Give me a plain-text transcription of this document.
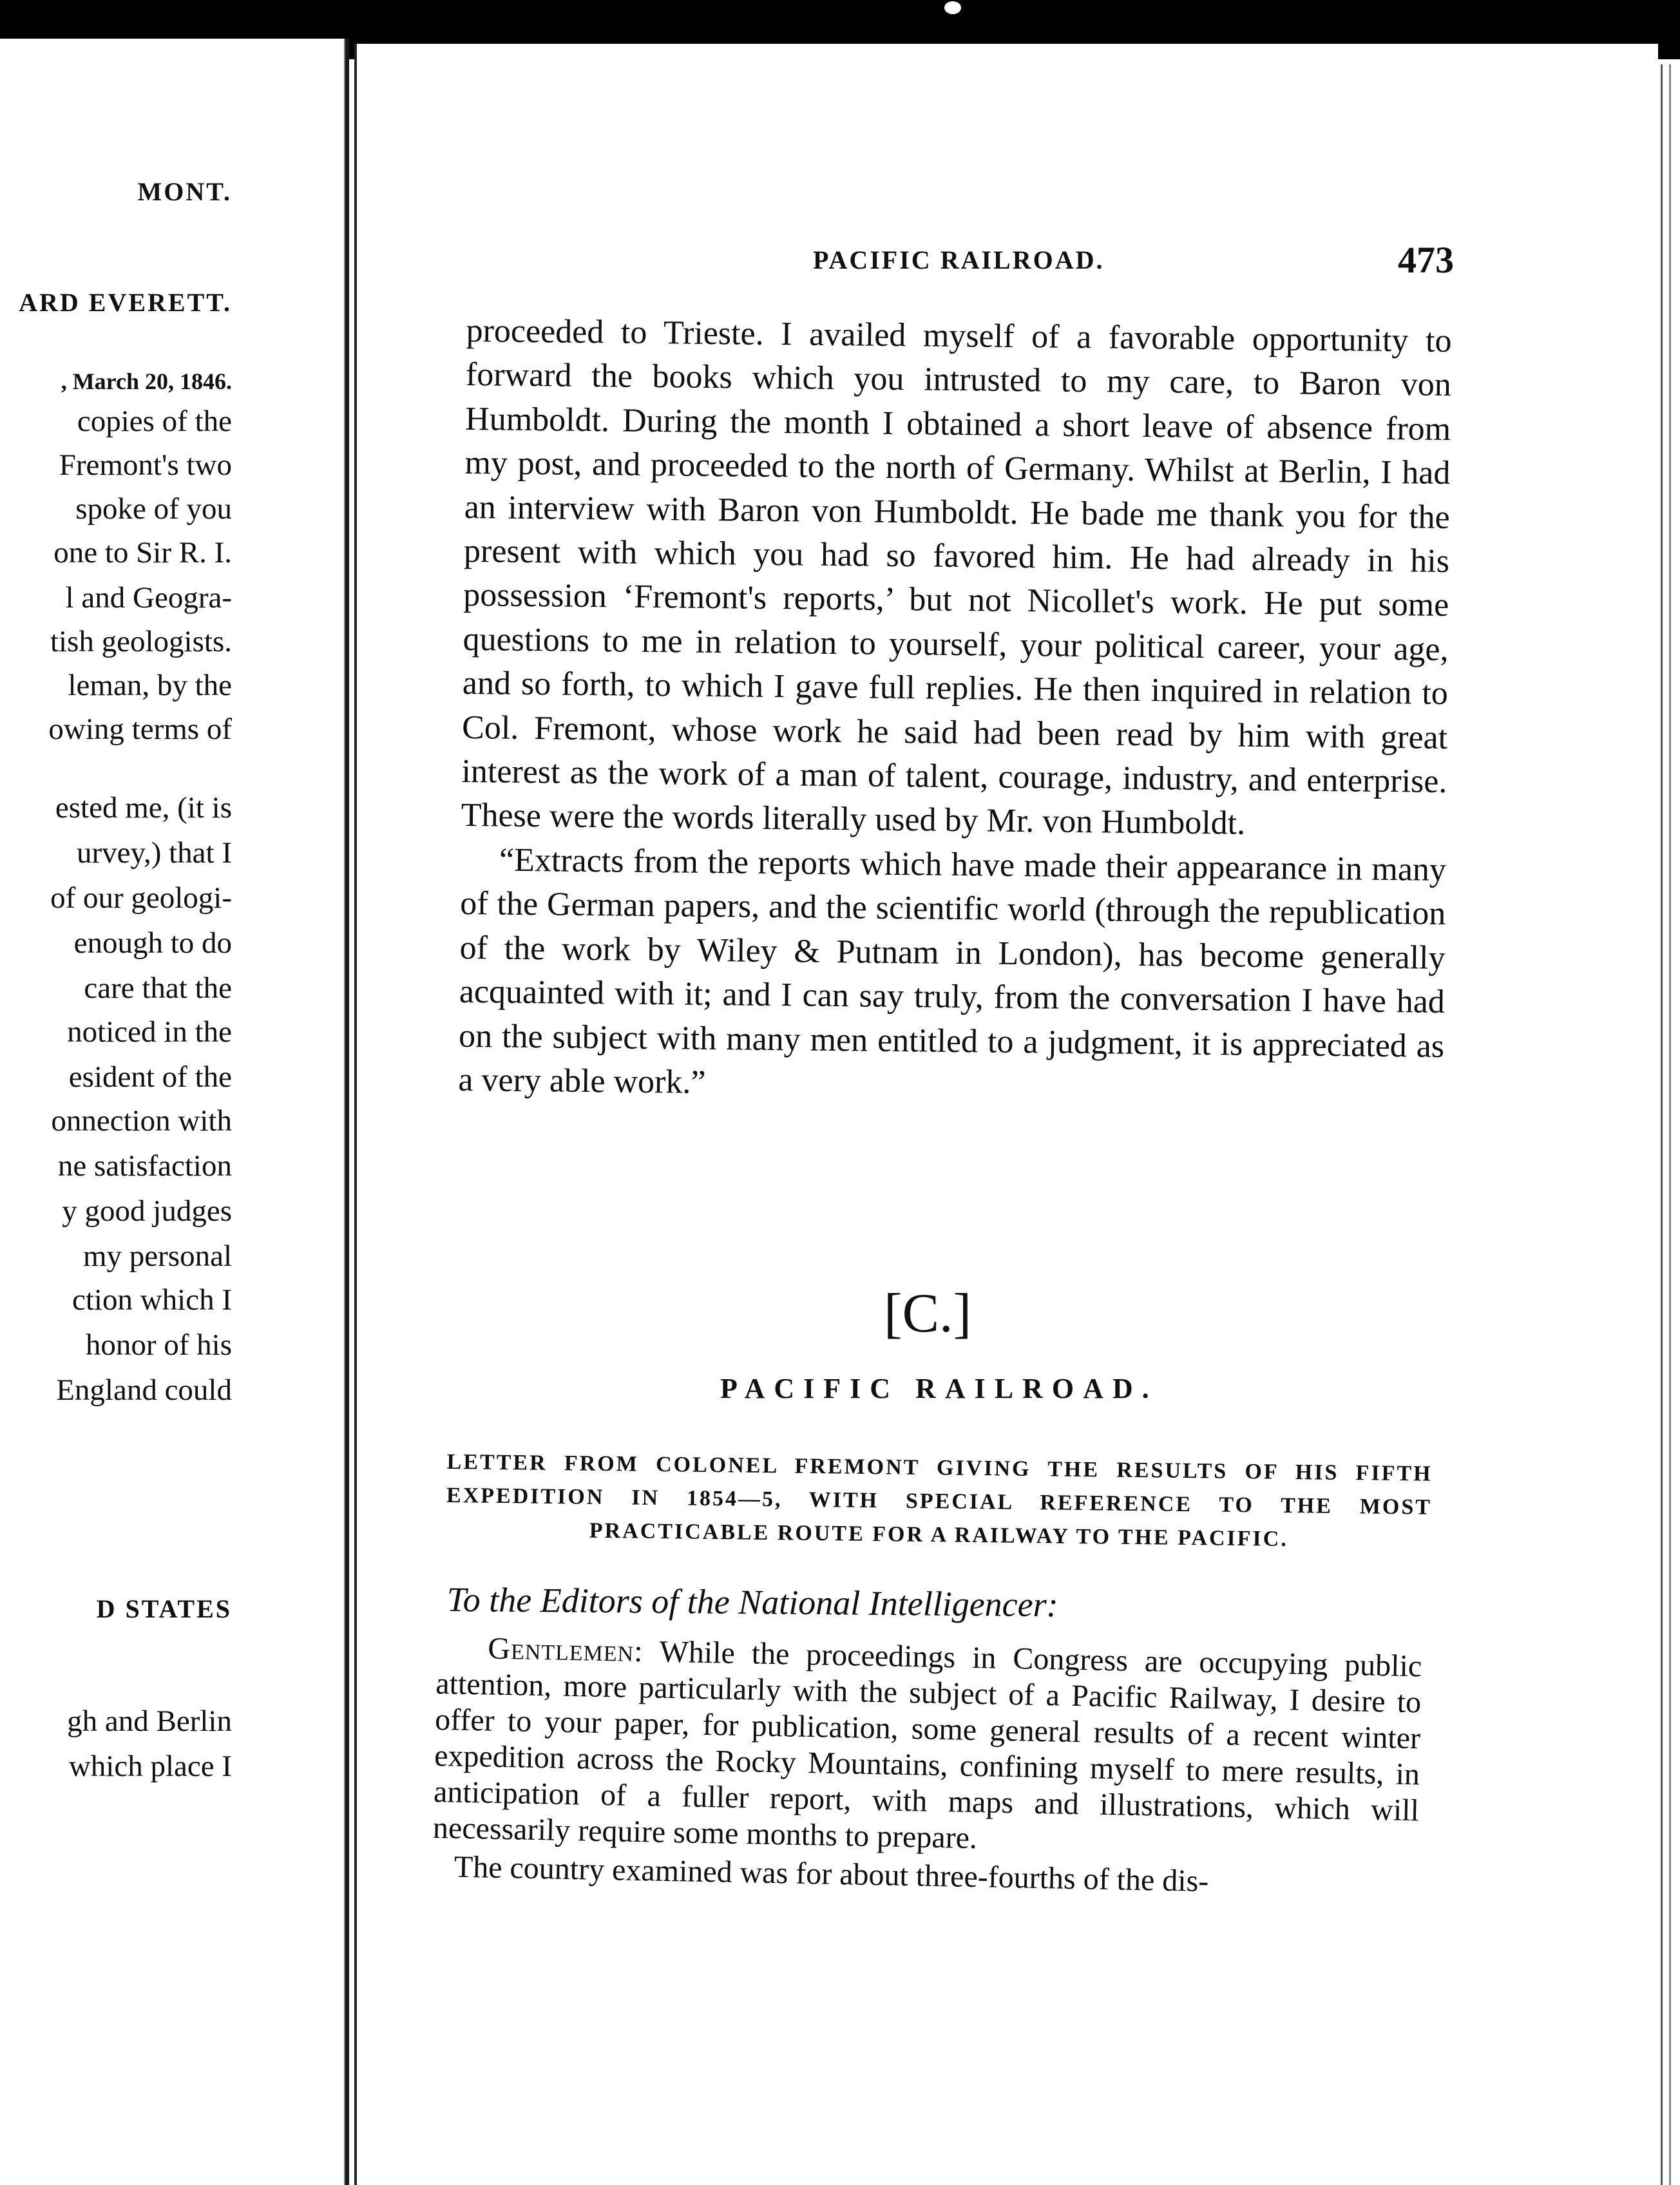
MONT.
ARD EVERETT.
, March 20, 1846.
copies of the
Fremont's two
spoke of you
one to Sir R. I.
l and Geogra-
tish geologists.
leman, by the
owing terms of
ested me, (it is
urvey,) that I
of our geologi-
enough to do
care that the
noticed in the
esident of the
onnection with
ne satisfaction
y good judges
my personal
ction which I
honor of his
England could
D STATES
gh and Berlin
which place I
PACIFIC RAILROAD.	473

proceeded to Trieste. I availed myself of a favorable opportunity to forward the books which you intrusted to my care, to Baron von Humboldt. During the month I obtained a short leave of absence from my post, and proceeded to the north of Germany. Whilst at Berlin, I had an interview with Baron von Humboldt. He bade me thank you for the present with which you had so favored him. He had already in his possession ‘Fremont's reports,’ but not Nicollet's work. He put some questions to me in relation to yourself, your political career, your age, and so forth, to which I gave full replies. He then inquired in relation to Col. Fremont, whose work he said had been read by him with great interest as the work of a man of talent, courage, industry, and enterprise. These were the words literally used by Mr. von Humboldt.

“Extracts from the reports which have made their appearance in many of the German papers, and the scientific world (through the republication of the work by Wiley & Putnam in London), has become generally acquainted with it; and I can say truly, from the conversation I have had on the subject with many men entitled to a judgment, it is appreciated as a very able work.”

[C.]
PACIFIC RAILROAD.
LETTER FROM COLONEL FREMONT GIVING THE RESULTS OF HIS FIFTH EXPEDITION IN 1854—5, WITH SPECIAL REFERENCE TO THE MOST PRACTICABLE ROUTE FOR A RAILWAY TO THE PACIFIC.
To the Editors of the National Intelligencer:

Gentlemen: While the proceedings in Congress are occupying public attention, more particularly with the subject of a Pacific Railway, I desire to offer to your paper, for publication, some general results of a recent winter expedition across the Rocky Mountains, confining myself to mere results, in anticipation of a fuller report, with maps and illustrations, which will necessarily require some months to prepare.

The country examined was for about three-fourths of the dis-
